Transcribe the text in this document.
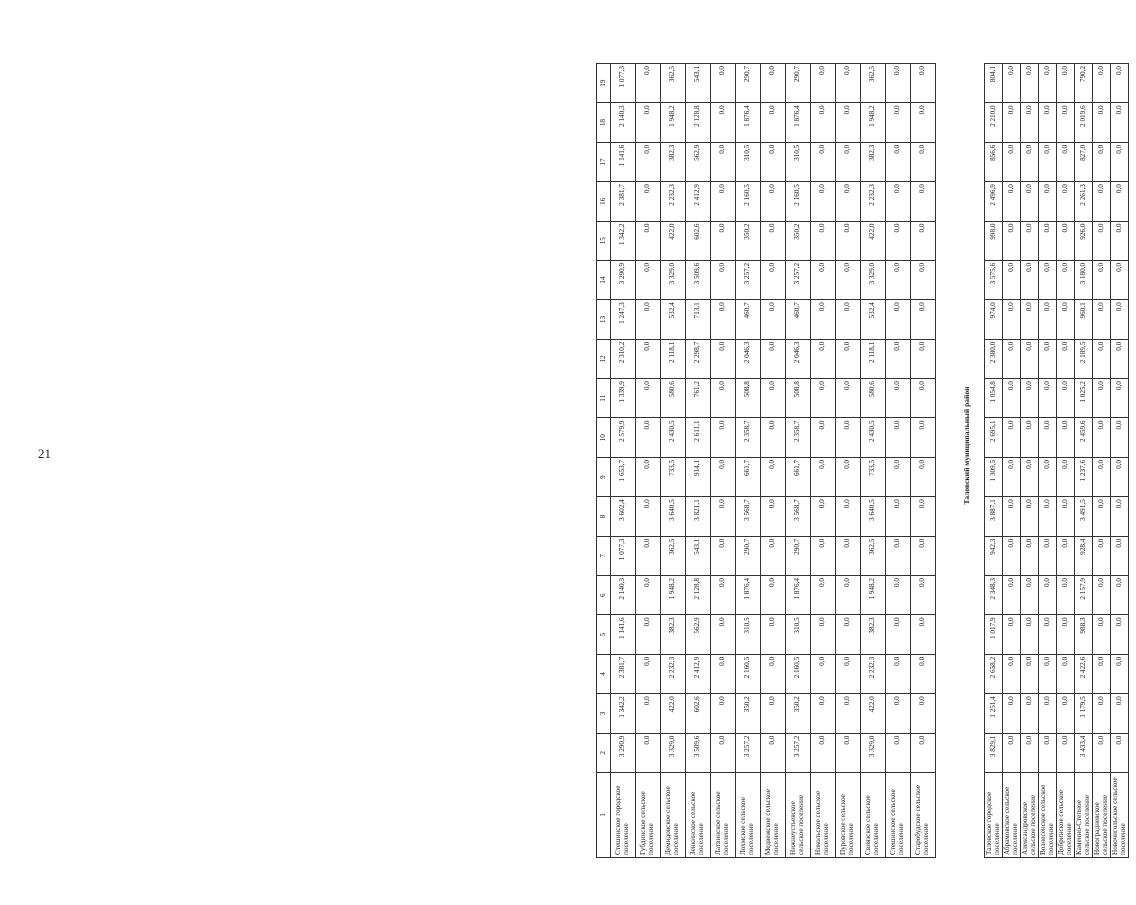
21
1	2	3	4	5	6	7	8	9	10	11	12	13	14	15	16	17	18	19
Стешинское городское поселение	3 290,9	1 342,2	2 381,7	1 141,6	2 140,3	1 077,3	3 602,4	1 653,7	2 579,9	1 339,9	2 310,2	1 247,3	3 290,9	1 342,2	2 381,7	1 141,6	2 140,3	1 077,3
Губдинское сельское поселение	0,0	0,0	0,0	0,0	0,0	0,0	0,0	0,0	0,0	0,0	0,0	0,0	0,0	0,0	0,0	0,0	0,0	0,0
Демидовское сельское поселение	3 329,0	422,0	2 232,3	382,3	1 948,2	362,5	3 640,5	733,5	2 430,5	580,6	2 118,1	532,4	3 329,0	422,0	2 232,3	382,3	1 948,2	362,5
Зенкинское сельское поселение	3 509,6	602,6	2 412,9	562,9	2 128,8	543,1	3 821,1	914,1	2 611,1	761,2	2 298,7	713,1	3 509,6	602,6	2 412,9	562,9	2 128,8	543,1
Латвинское сельское поселение	0,0	0,0	0,0	0,0	0,0	0,0	0,0	0,0	0,0	0,0	0,0	0,0	0,0	0,0	0,0	0,0	0,0	0,0
Лохмское сельское поселение	3 257,2	350,2	2 160,5	310,5	1 876,4	290,7	3 568,7	661,7	2 358,7	508,8	2 046,3	460,7	3 257,2	350,2	2 160,5	310,5	1 876,4	290,7
Медвежское сельское поселение	0,0	0,0	0,0	0,0	0,0	0,0	0,0	0,0	0,0	0,0	0,0	0,0	0,0	0,0	0,0	0,0	0,0	0,0
Нижнеустьевское сельское поселение	3 257,2	350,2	2 160,5	310,5	1 876,4	290,7	3 568,7	661,7	2 358,7	508,8	2 046,3	460,7	3 257,2	350,2	2 160,5	310,5	1 876,4	290,7
Никольское сельское поселение	0,0	0,0	0,0	0,0	0,0	0,0	0,0	0,0	0,0	0,0	0,0	0,0	0,0	0,0	0,0	0,0	0,0	0,0
Пуровское сельское поселение	0,0	0,0	0,0	0,0	0,0	0,0	0,0	0,0	0,0	0,0	0,0	0,0	0,0	0,0	0,0	0,0	0,0	0,0
Свиязское сельское поселение	3 329,0	422,0	2 232,3	382,3	1 948,2	362,5	3 640,5	733,5	2 430,5	580,6	2 118,1	532,4	3 329,0	422,0	2 232,3	382,3	1 948,2	362,5
Стешинское сельское поселение	0,0	0,0	0,0	0,0	0,0	0,0	0,0	0,0	0,0	0,0	0,0	0,0	0,0	0,0	0,0	0,0	0,0	0,0
Старобудское сельское поселение	0,0	0,0	0,0	0,0	0,0	0,0	0,0	0,0	0,0	0,0	0,0	0,0	0,0	0,0	0,0	0,0	0,0	0,0
Таловский муниципальный район
Таловское городское поселение	3 829,1	1 251,4	2 658,2	1 017,9	2 348,3	942,3	3 887,1	1 309,5	2 695,1	1 054,8	2 380,0	974,0	3 575,6	998,0	2 496,9	856,6	2 210,0	804,1
Абрамовское сельское поселение	0,0	0,0	0,0	0,0	0,0	0,0	0,0	0,0	0,0	0,0	0,0	0,0	0,0	0,0	0,0	0,0	0,0	0,0
Александровское сельское поселение	0,0	0,0	0,0	0,0	0,0	0,0	0,0	0,0	0,0	0,0	0,0	0,0	0,0	0,0	0,0	0,0	0,0	0,0
Вознесенское сельское поселение	0,0	0,0	0,0	0,0	0,0	0,0	0,0	0,0	0,0	0,0	0,0	0,0	0,0	0,0	0,0	0,0	0,0	0,0
Добринское сельское поселение	0,0	0,0	0,0	0,0	0,0	0,0	0,0	0,0	0,0	0,0	0,0	0,0	0,0	0,0	0,0	0,0	0,0	0,0
Каменно-Степное сельское поселение	3 433,4	1 179,5	2 422,6	988,3	2 157,9	928,4	3 491,5	1 237,6	2 459,6	1 025,2	2 189,5	960,1	3 180,0	926,0	2 261,3	827,0	2 019,6	790,2
Новоградневское сельское поселение	0,0	0,0	0,0	0,0	0,0	0,0	0,0	0,0	0,0	0,0	0,0	0,0	0,0	0,0	0,0	0,0	0,0	0,0
Новочигольское сельское поселение	0,0	0,0	0,0	0,0	0,0	0,0	0,0	0,0	0,0	0,0	0,0	0,0	0,0	0,0	0,0	0,0	0,0	0,0
